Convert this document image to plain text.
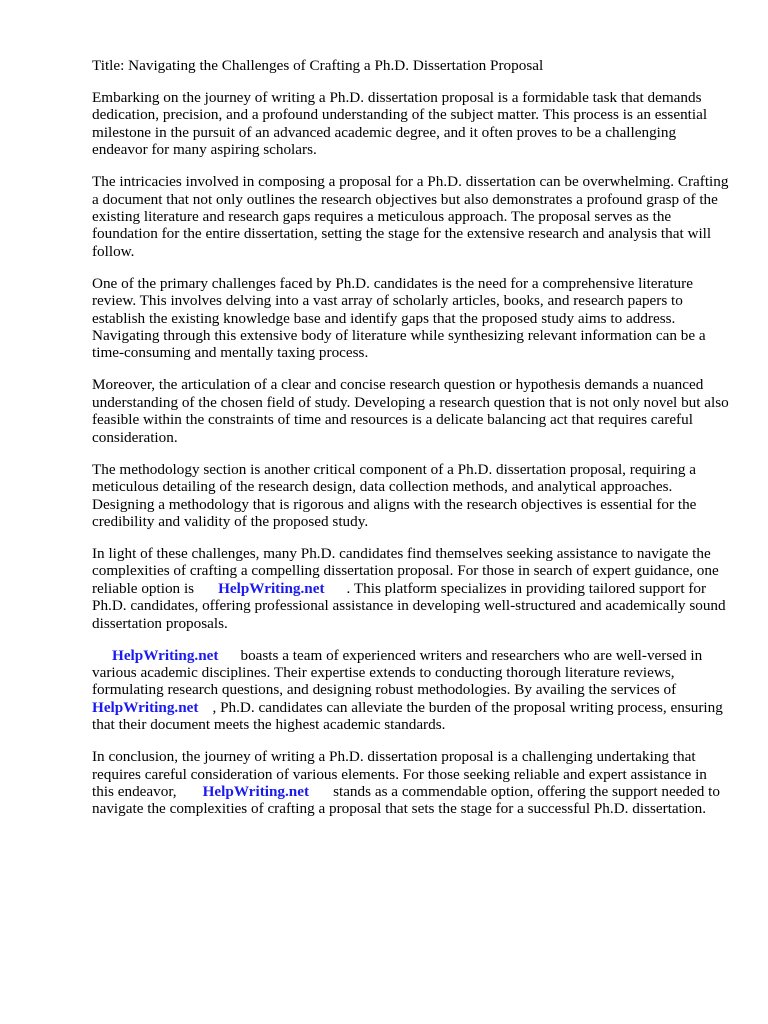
Title: Navigating the Challenges of Crafting a Ph.D. Dissertation Proposal

Embarking on the journey of writing a Ph.D. dissertation proposal is a formidable task that demands dedication, precision, and a profound understanding of the subject matter. This process is an essential milestone in the pursuit of an advanced academic degree, and it often proves to be a challenging endeavor for many aspiring scholars.

The intricacies involved in composing a proposal for a Ph.D. dissertation can be overwhelming. Crafting a document that not only outlines the research objectives but also demonstrates a profound grasp of the existing literature and research gaps requires a meticulous approach. The proposal serves as the foundation for the entire dissertation, setting the stage for the extensive research and analysis that will follow.

One of the primary challenges faced by Ph.D. candidates is the need for a comprehensive literature review. This involves delving into a vast array of scholarly articles, books, and research papers to establish the existing knowledge base and identify gaps that the proposed study aims to address. Navigating through this extensive body of literature while synthesizing relevant information can be a time-consuming and mentally taxing process.

Moreover, the articulation of a clear and concise research question or hypothesis demands a nuanced understanding of the chosen field of study. Developing a research question that is not only novel but also feasible within the constraints of time and resources is a delicate balancing act that requires careful consideration.

The methodology section is another critical component of a Ph.D. dissertation proposal, requiring a meticulous detailing of the research design, data collection methods, and analytical approaches. Designing a methodology that is rigorous and aligns with the research objectives is essential for the credibility and validity of the proposed study.

In light of these challenges, many Ph.D. candidates find themselves seeking assistance to navigate the complexities of crafting a compelling dissertation proposal. For those in search of expert guidance, one reliable option is HelpWriting.net . This platform specializes in providing tailored support for Ph.D. candidates, offering professional assistance in developing well-structured and academically sound dissertation proposals.

HelpWriting.net boasts a team of experienced writers and researchers who are well-versed in various academic disciplines. Their expertise extends to conducting thorough literature reviews, formulating research questions, and designing robust methodologies. By availing the services of HelpWriting.net , Ph.D. candidates can alleviate the burden of the proposal writing process, ensuring that their document meets the highest academic standards.

In conclusion, the journey of writing a Ph.D. dissertation proposal is a challenging undertaking that requires careful consideration of various elements. For those seeking reliable and expert assistance in this endeavor, HelpWriting.net stands as a commendable option, offering the support needed to navigate the complexities of crafting a proposal that sets the stage for a successful Ph.D. dissertation.
